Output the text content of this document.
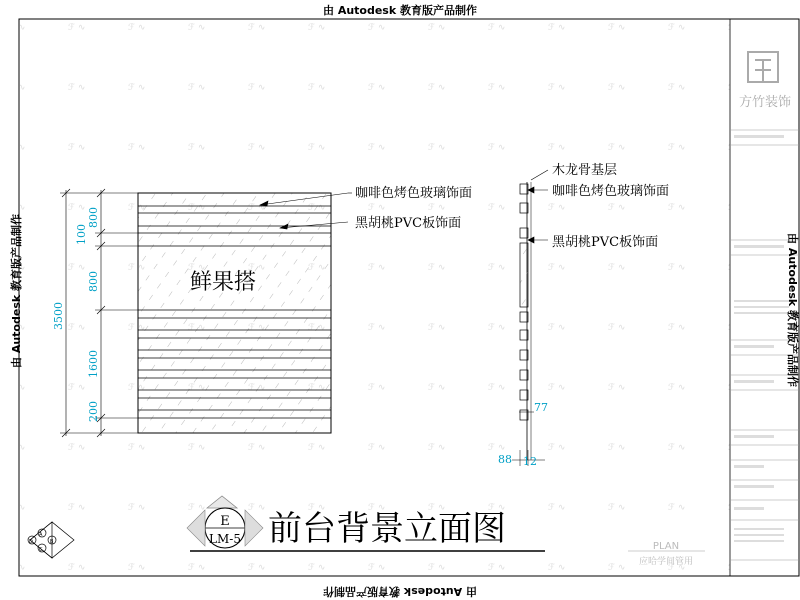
方竹装饰
鲜果搭
3500
800
100
800
1600
200
咖啡色烤色玻璃饰面
黑胡桃PVC板饰面
木龙骨基层
咖啡色烤色玻璃饰面
黑胡桃PVC板饰面
77
88 12
E
LM-5 前台背景立面图
A
B
C
D	PLAN
应哈学间管用
由 Autodesk 教育版产品制作
由 Autodesk 教育版产品制作
由 Autodesk 教育版产品制作	由 Autodesk 教育版产品制作
